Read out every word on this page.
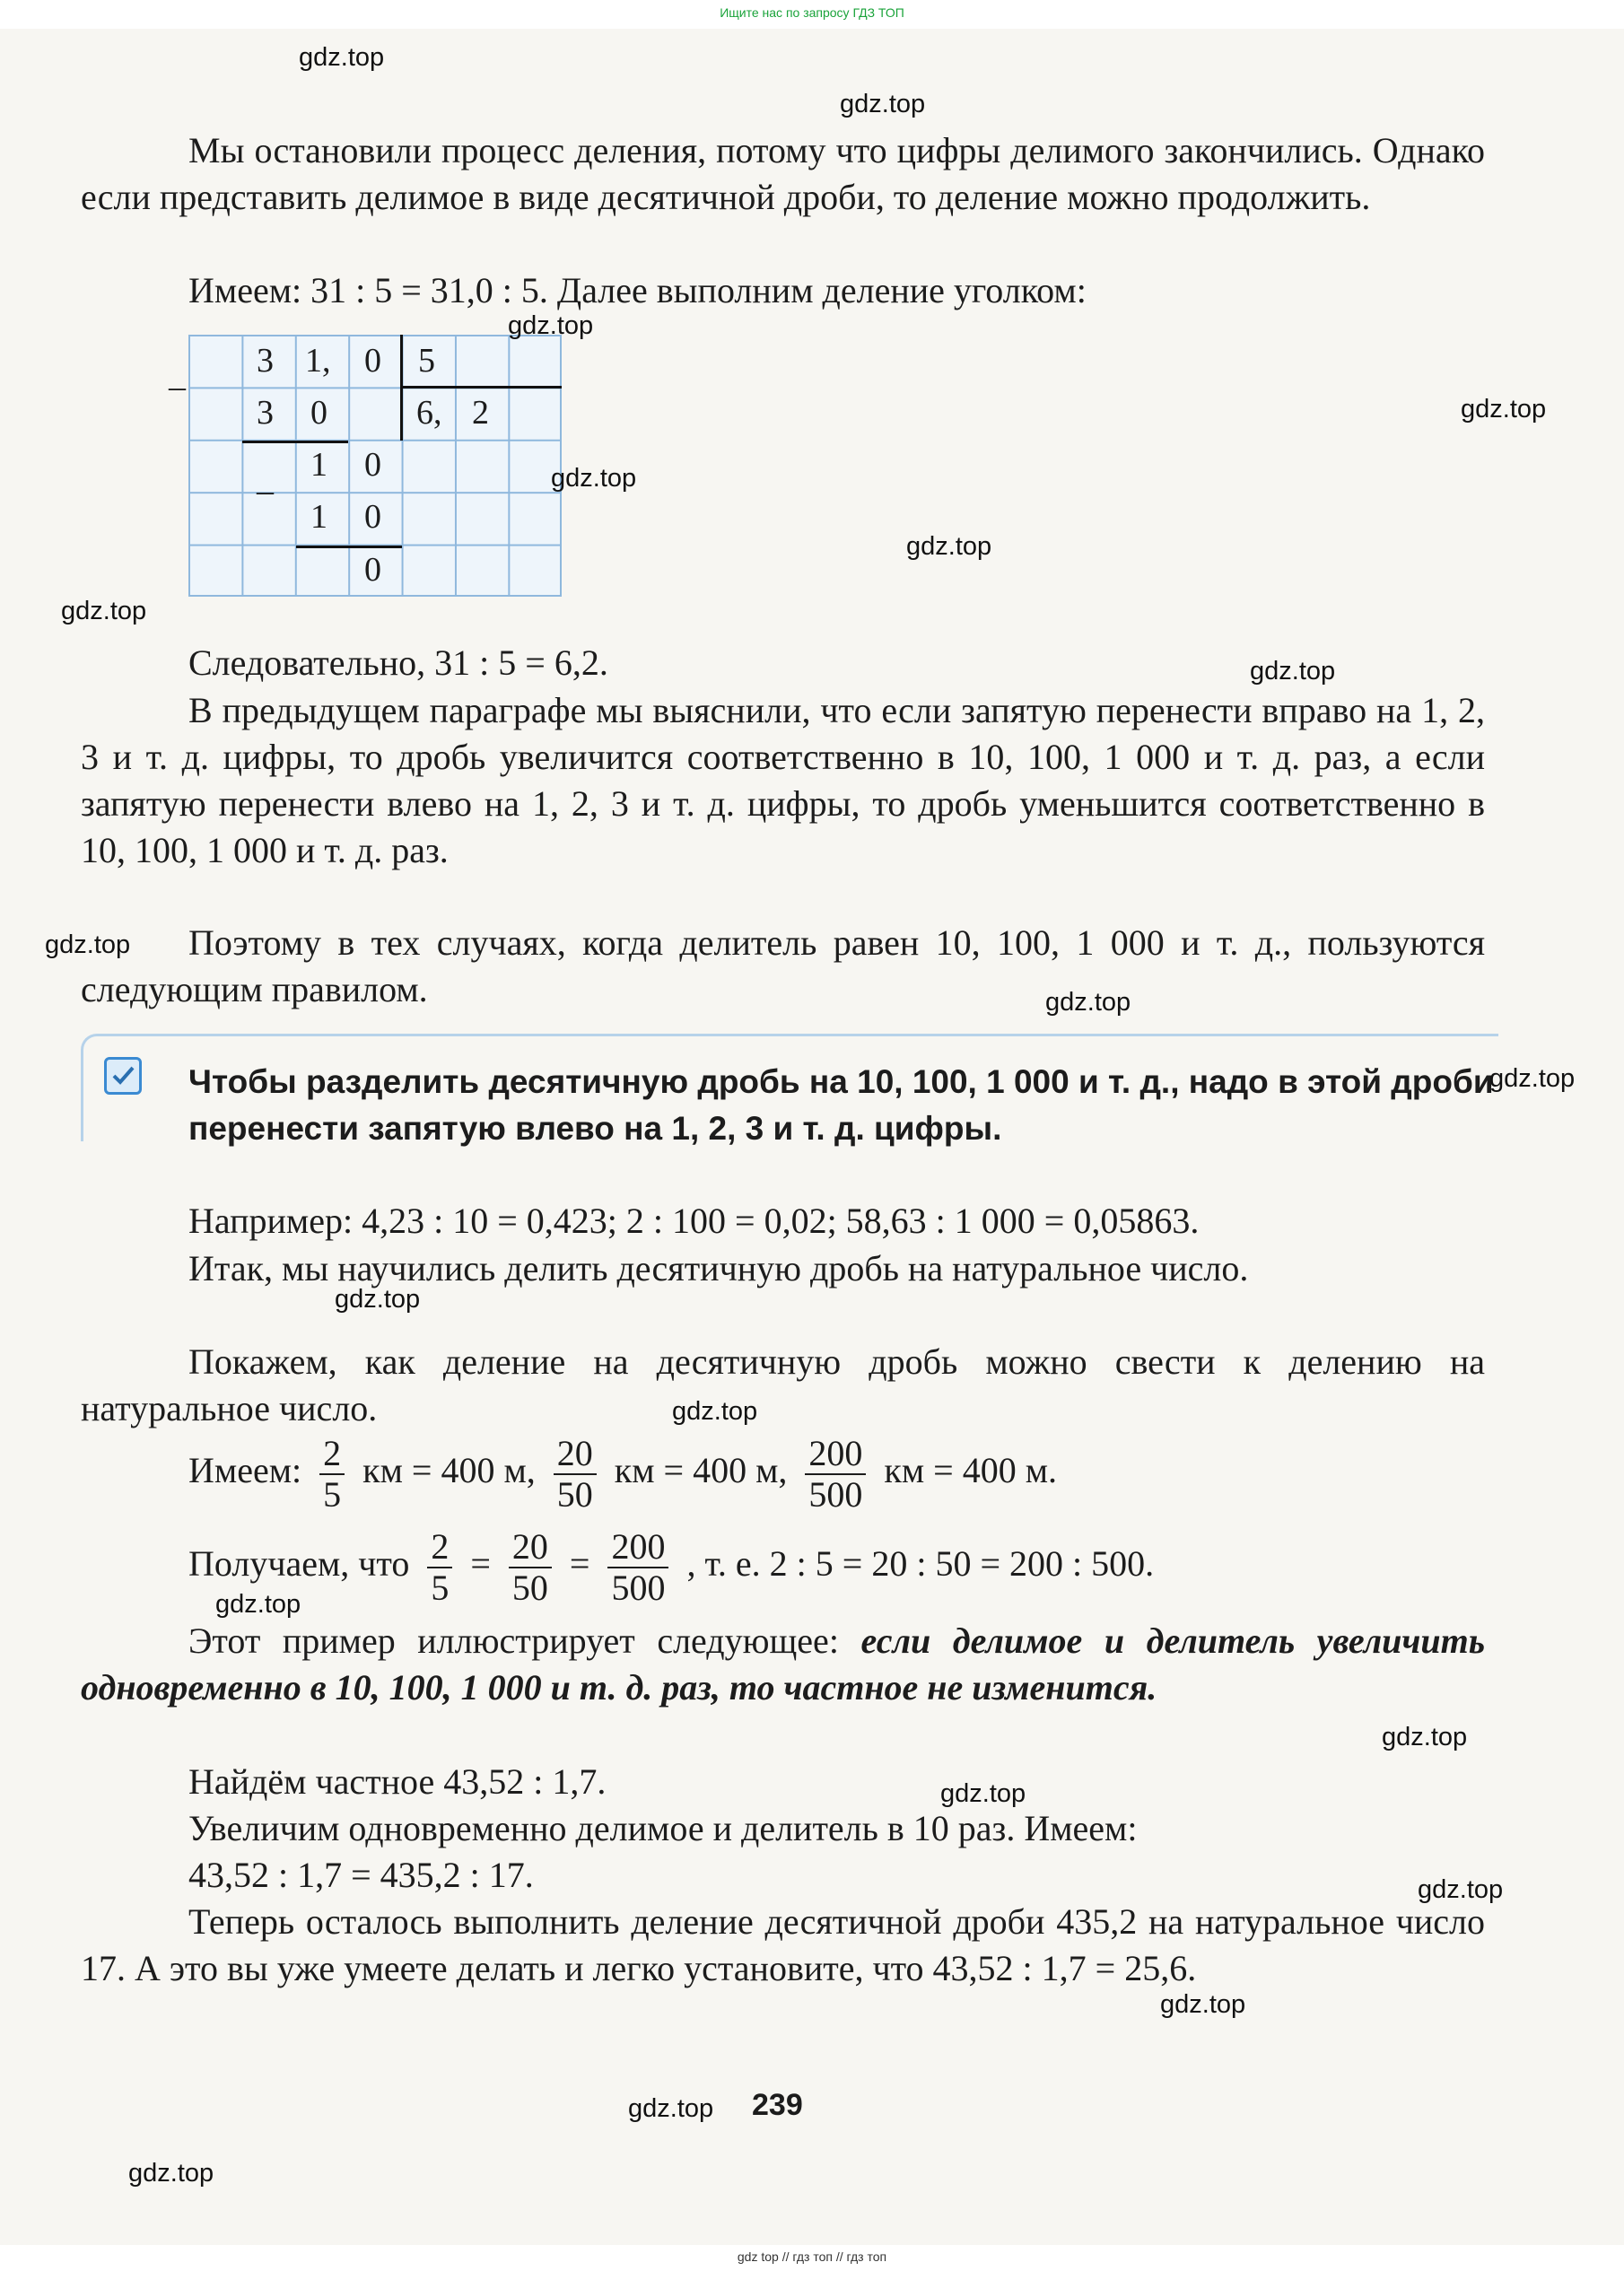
Ищите нас по запросу ГДЗ ТОП

Мы остановили процесс деления, потому что цифры делимого закончились. Однако если представить делимое в виде десятичной дроби, то деление можно продолжить.

Имеем: 31 : 5 = 31,0 : 5. Далее выполним деление уголком:
–
3 1, 0 5
3 0	6, 2
–
1 0
1 0
0
Следовательно, 31 : 5 = 6,2.

В предыдущем параграфе мы выяснили, что если запятую перенести вправо на 1, 2, 3 и т. д. цифры, то дробь увеличится соответственно в 10, 100, 1 000 и т. д. раз, а если запятую перенести влево на 1, 2, 3 и т. д. цифры, то дробь уменьшится соответственно в 10, 100, 1 000 и т. д. раз.

Поэтому в тех случаях, когда делитель равен 10, 100, 1 000 и т. д., пользуются следующим правилом.

Чтобы разделить десятичную дробь на 10, 100, 1 000 и т. д., надо в этой дроби перенести запятую влево на 1, 2, 3 и т. д. цифры.
Например: 4,23 : 10 = 0,423; 2 : 100 = 0,02; 58,63 : 1 000 = 0,05863.

Итак, мы научились делить десятичную дробь на натуральное число.

Покажем, как деление на десятичную дробь можно свести к делению на натуральное число.

Имеем: $\frac{2}{5}$ км = 400 м, $\frac{20}{50}$ км = 400 м, $\frac{200}{500}$ км = 400 м.
Получаем, что $\frac{2}{5} = \frac{20}{50} = \frac{200}{500}$ , т. е. 2 : 5 = 20 : 50 = 200 : 500.

Этот пример иллюстрирует следующее: если делимое и делитель увеличить одновременно в 10, 100, 1 000 и т. д. раз, то частное не изменится.

Найдём частное 43,52 : 1,7.
Увеличим одновременно делимое и делитель в 10 раз. Имеем:
43,52 : 1,7 = 435,2 : 17.

Теперь осталось выполнить деление десятичной дроби 435,2 на натуральное число 17. А это вы уже умеете делать и легко установите, что 43,52 : 1,7 = 25,6.

239
gdz.top
gdz.top
gdz.top
gdz.top
gdz.top
gdz.top
gdz.top
gdz.top
gdz.top
gdz.top
gdz.top
gdz.top
gdz.top
gdz.top
gdz.top
gdz.top
gdz.top
gdz.top
gdz.top
gdz.top
gdz top // гдз топ // гдз топ
